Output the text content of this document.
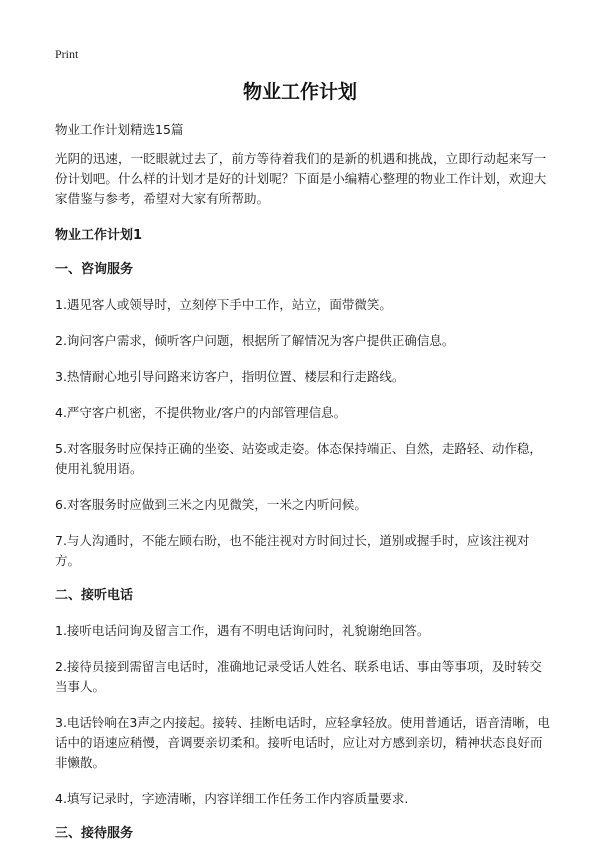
Print
物业工作计划

物业工作计划精选15篇

光阴的迅速，一眨眼就过去了，前方等待着我们的是新的机遇和挑战，立即行动起来写一份计划吧。什么样的计划才是好的计划呢？下面是小编精心整理的物业工作计划，欢迎大家借鉴与参考，希望对大家有所帮助。

物业工作计划1

一、咨询服务

1.遇见客人或领导时，立刻停下手中工作，站立，面带微笑。

2.询问客户需求，倾听客户问题，根据所了解情况为客户提供正确信息。

3.热情耐心地引导问路来访客户，指明位置、楼层和行走路线。

4.严守客户机密，不提供物业/客户的内部管理信息。

5.对客服务时应保持正确的坐姿、站姿或走姿。体态保持端正、自然，走路轻、动作稳，使用礼貌用语。

6.对客服务时应做到三米之内见微笑，一米之内听问候。

7.与人沟通时，不能左顾右盼，也不能注视对方时间过长，道别或握手时，应该注视对方。

二、接听电话

1.接听电话问询及留言工作，遇有不明电话询问时，礼貌谢绝回答。

2.接待员接到需留言电话时，准确地记录受话人姓名、联系电话、事由等事项，及时转交当事人。

3.电话铃响在3声之内接起。接转、挂断电话时，应轻拿轻放。使用普通话，语音清晰，电话中的语速应稍慢，音调要亲切柔和。接听电话时，应让对方感到亲切，精神状态良好而非懒散。

4.填写记录时，字迹清晰，内容详细工作任务工作内容质量要求.

三、接待服务
